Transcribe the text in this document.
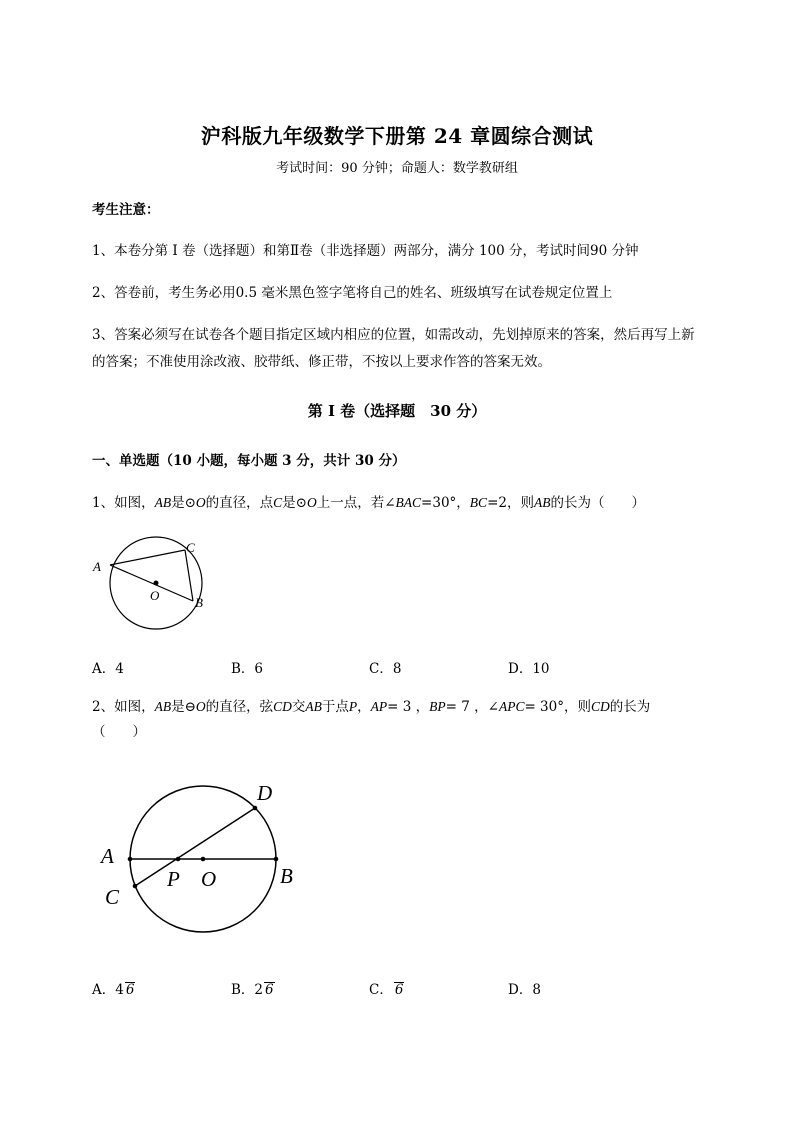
沪科版九年级数学下册第 24 章圆综合测试
考试时间：90 分钟；命题人：数学教研组
考生注意：
1、本卷分第 I 卷（选择题）和第Ⅱ卷（非选择题）两部分，满分 100 分，考试时间90 分钟
2、答卷前，考生务必用0.5 毫米黑色签字笔将自己的姓名、班级填写在试卷规定位置上
3、答案必须写在试卷各个题目指定区域内相应的位置，如需改动，先划掉原来的答案，然后再写上新
的答案；不准使用涂改液、胶带纸、修正带，不按以上要求作答的答案无效。
第 I 卷（选择题　30 分）
一、单选题（10 小题，每小题 3 分，共计 30 分）
1、如图，AB是⊙O的直径，点C是⊙O上一点，若∠BAC=30°，BC=2，则AB的长为（　　）
A
C
B
O
A．4	B．6	C．8	D．10
2、如图，AB是⊖O的直径，弦CD交AB于点P，AP= 3 ，BP= 7 ，∠APC= 30°，则CD的长为
（　　）
A
B
C
D
P O
A．4 6	B．2 6	C． 6	D．8
